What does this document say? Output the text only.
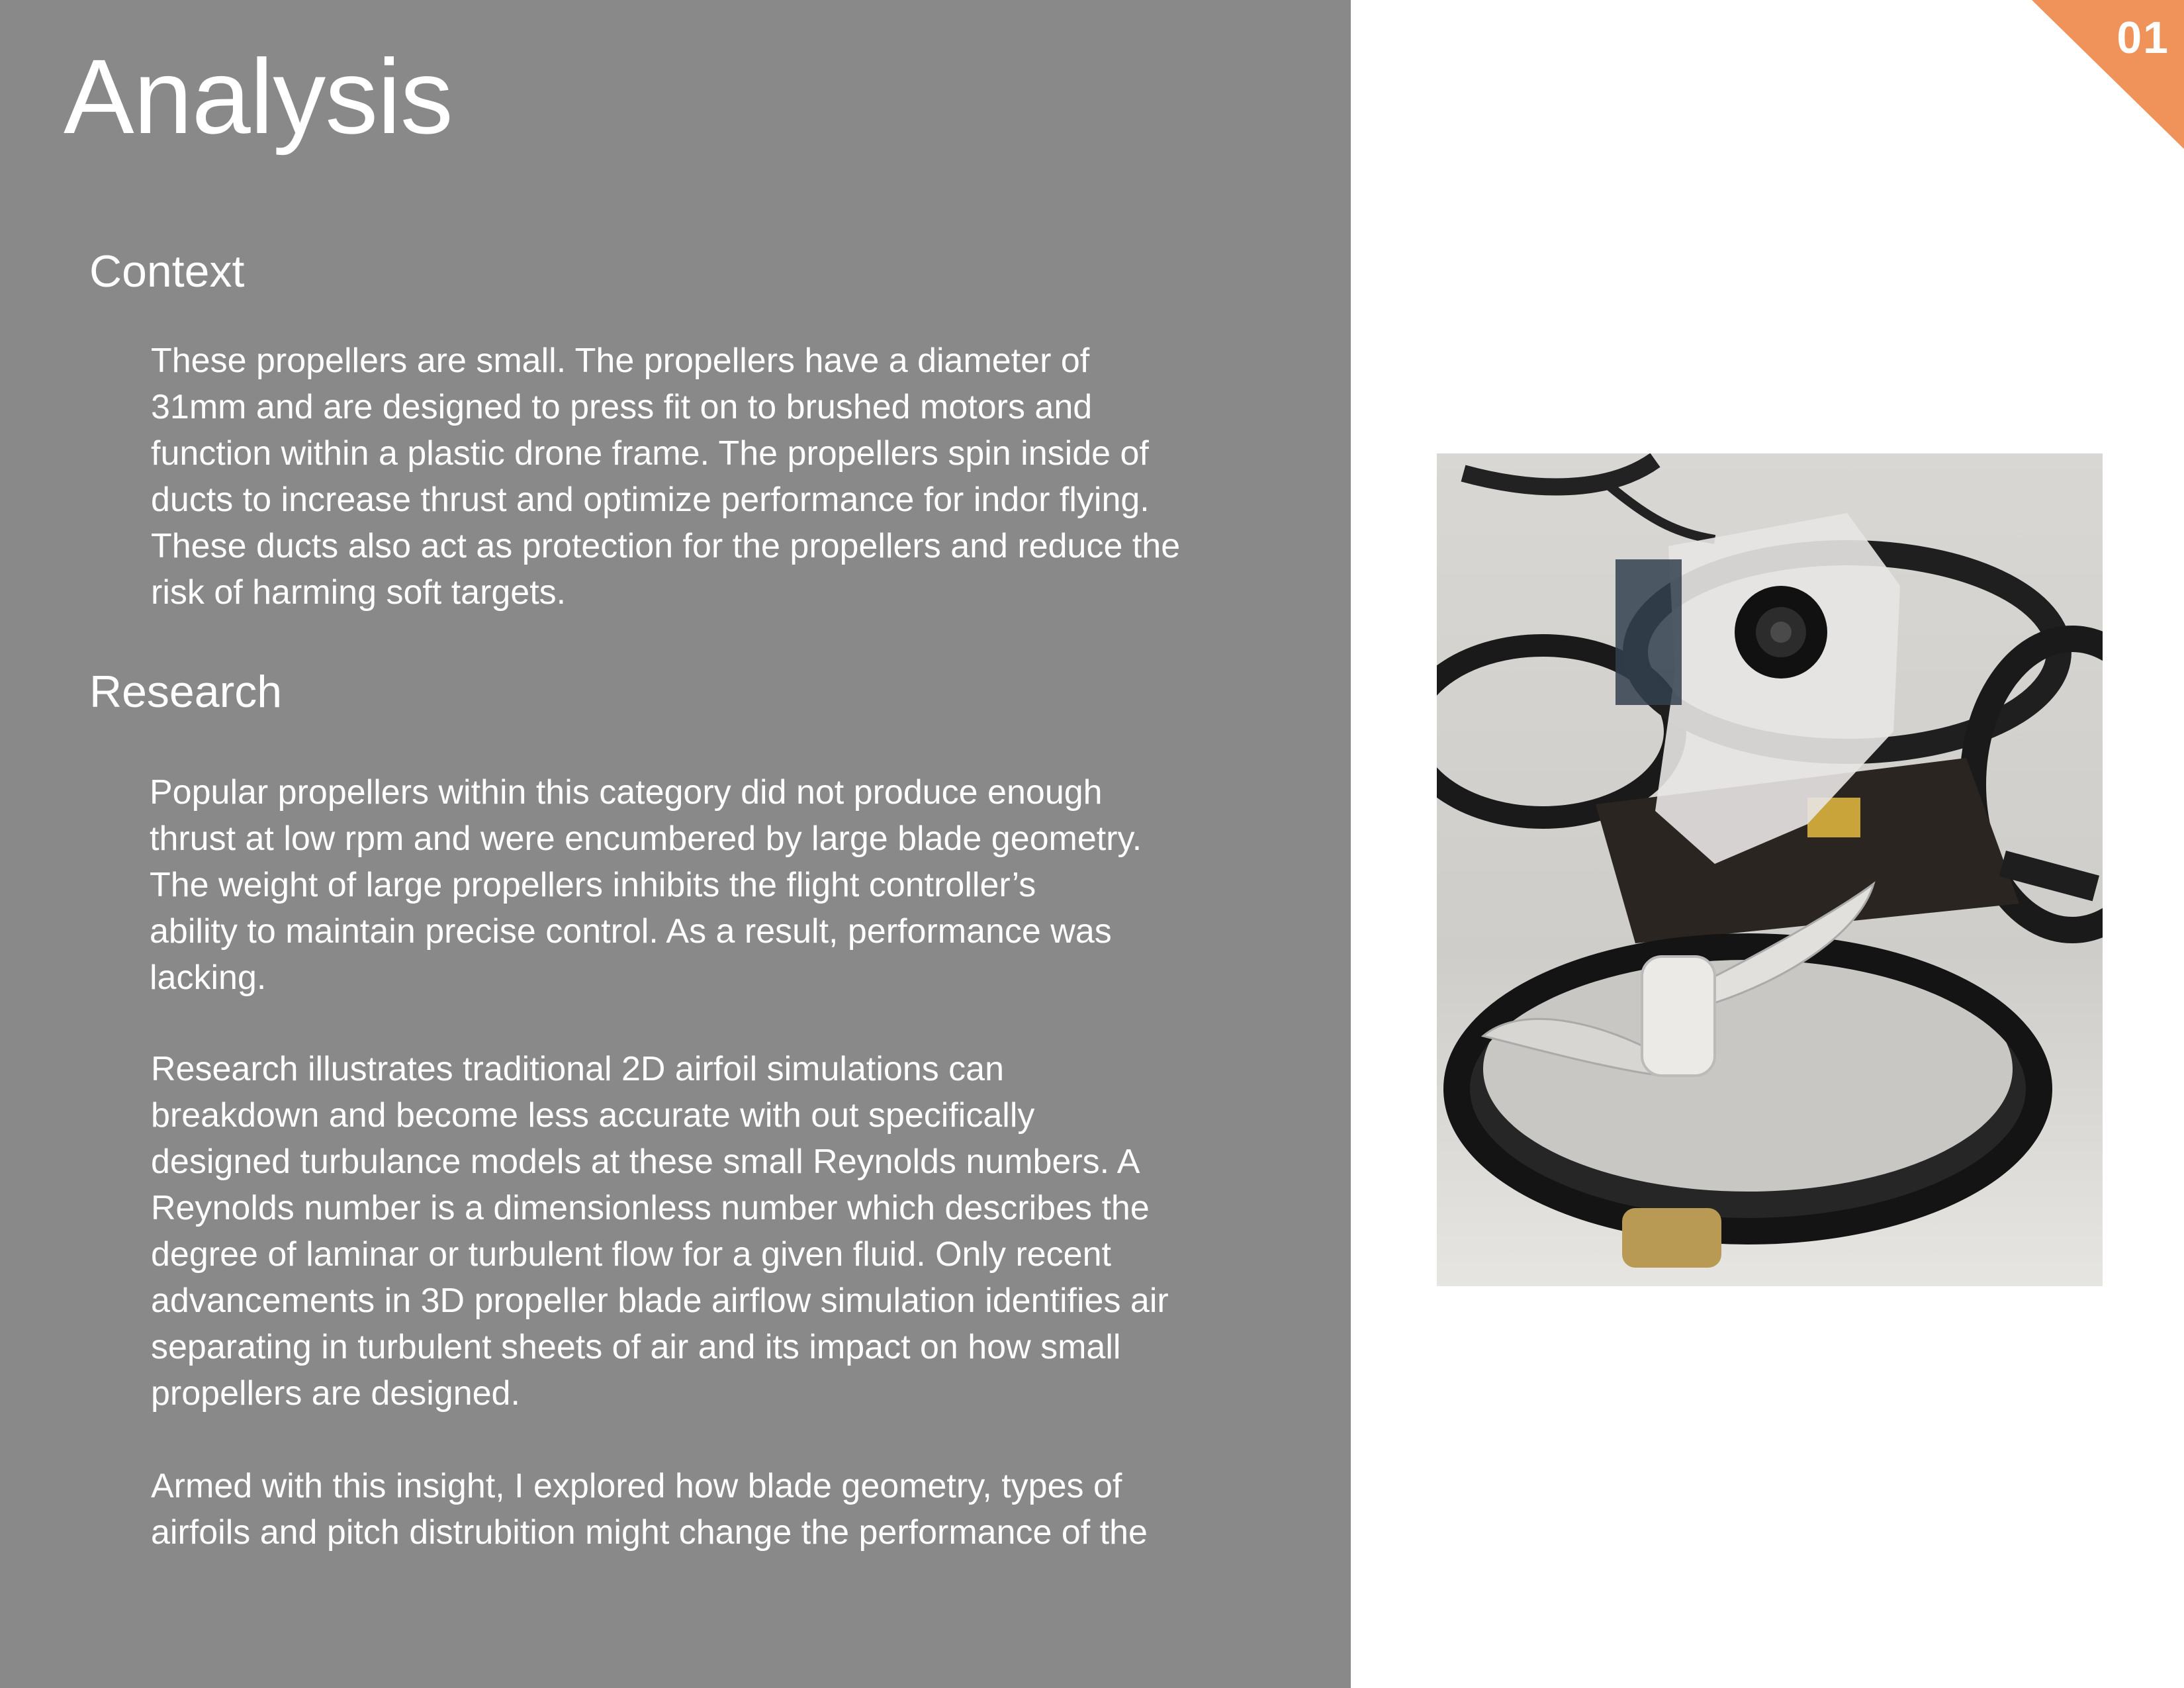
Analysis
Context

These propellers are small. The propellers have a diameter of
31mm and are designed to press fit on to brushed motors and
function within a plastic drone frame. The propellers spin inside of
ducts to increase thrust and optimize performance for indor flying.
These ducts also act as protection for the propellers and reduce the
risk of harming soft targets.

Research

Popular propellers within this category did not produce enough
thrust at low rpm and were encumbered by large blade geometry.
The weight of large propellers inhibits the flight controller’s
ability to maintain precise control. As a result, performance was
lacking.

Research illustrates traditional 2D airfoil simulations can
breakdown and become less accurate with out specifically
designed turbulance models at these small Reynolds numbers. A
Reynolds number is a dimensionless number which describes the
degree of laminar or turbulent flow for a given fluid. Only recent
advancements in 3D propeller blade airflow simulation identifies air
separating in turbulent sheets of air and its impact on how small
propellers are designed.

Armed with this insight, I explored how blade geometry, types of
airfoils and pitch distrubition might change the performance of the

01
